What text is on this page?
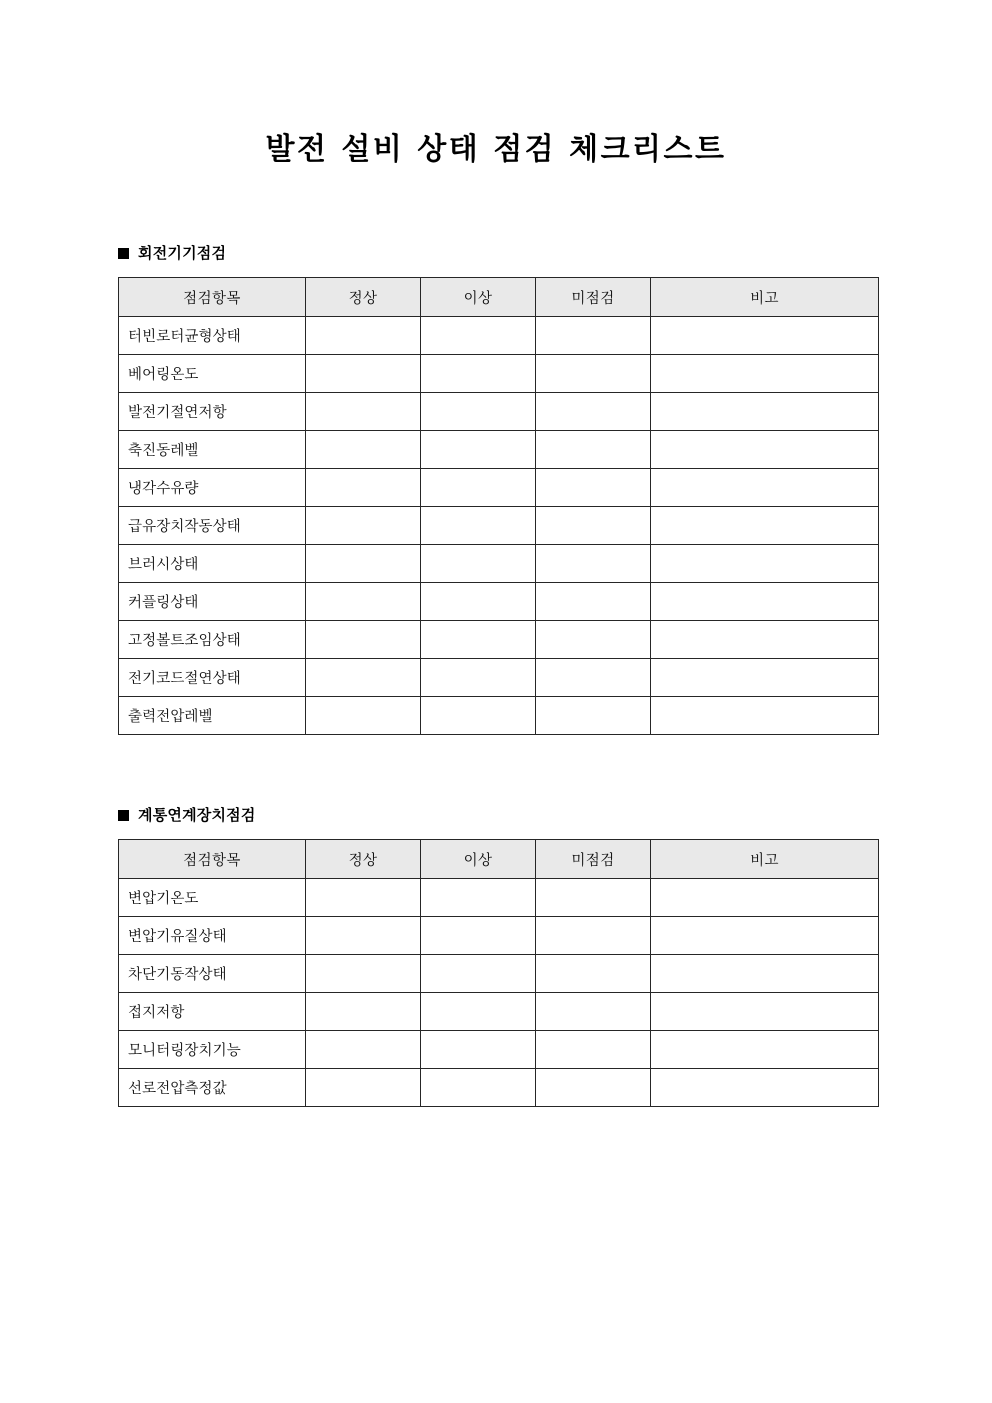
발전 설비 상태 점검 체크리스트
회전기기점검
점검항목	정상	이상	미점검	비고
터빈로터균형상태				
베어링온도				
발전기절연저항				
축진동레벨				
냉각수유량				
급유장치작동상태				
브러시상태				
커플링상태				
고정볼트조임상태				
전기코드절연상태				
출력전압레벨				
계통연계장치점검
점검항목	정상	이상	미점검	비고
변압기온도				
변압기유질상태				
차단기동작상태				
접지저항				
모니터링장치기능				
선로전압측정값				
